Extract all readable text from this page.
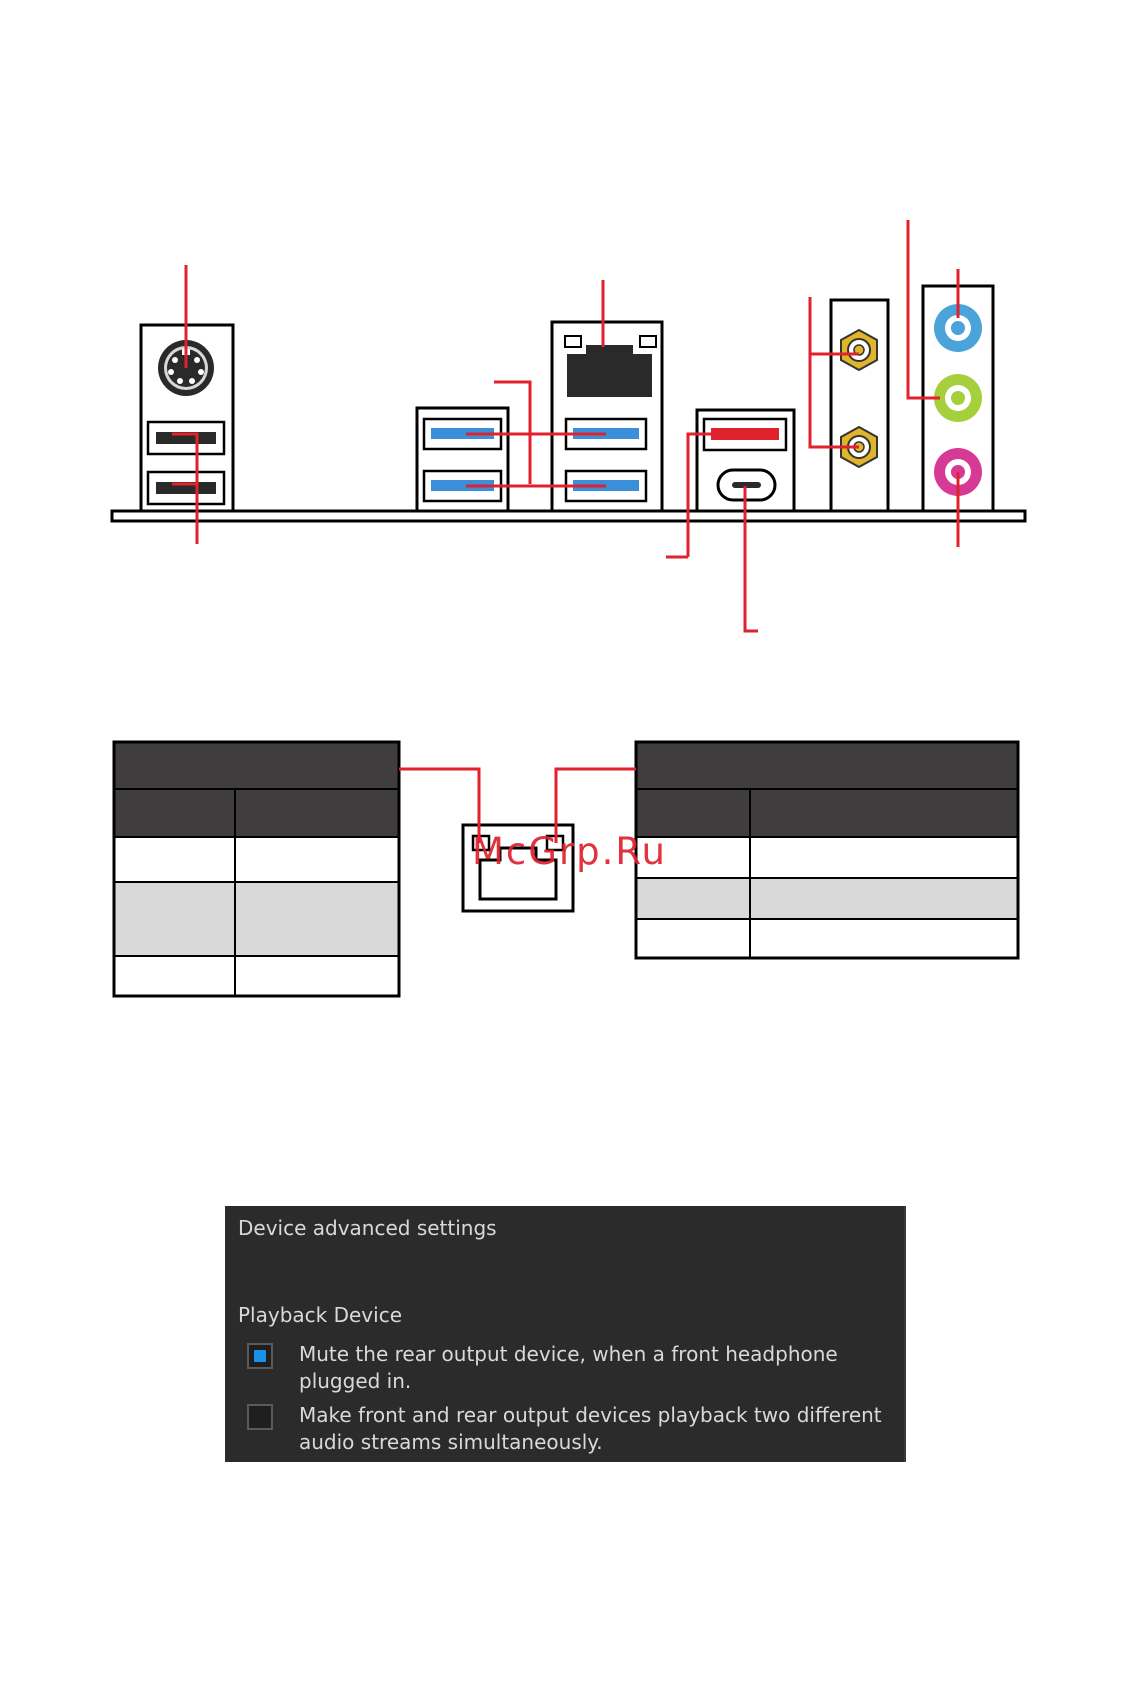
McGrp.Ru
Device advanced settings
Playback Device
Mute the rear output device, when a front headphone plugged in.
Make front and rear output devices playback two different audio streams simultaneously.
